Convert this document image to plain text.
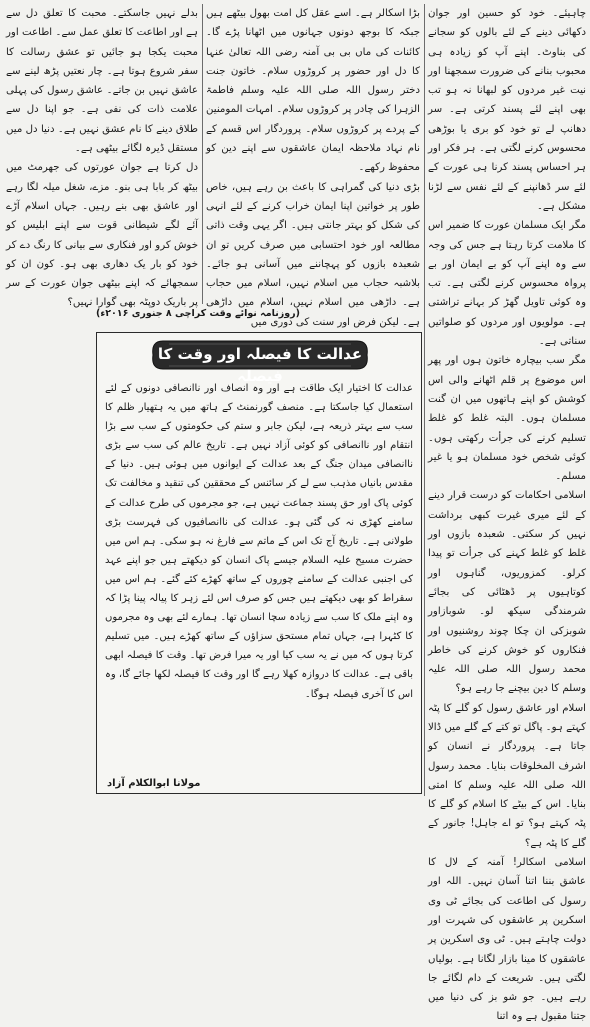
چاہیئے۔ خود کو حسین اور جوان دکھائی دینے کے لئے بالوں کو سجانے کی بناوٹ۔ اپنے آپ کو زیادہ ہی محبوب بنانے کی ضرورت سمجھنا اور نیت غیر مردوں کو لبھانا نہ ہو تب بھی اپنے لئے پسند کرتی ہے۔ سر دھانپ لے تو خود کو بری یا بوڑھی محسوس کرنے لگتی ہے۔ ہر فکر اور ہر احساس پسند کرنا ہی عورت کے لئے سر ڈھانپنے کے لئے نفس سے لڑنا مشکل ہے۔

مگر ایک مسلمان عورت کا ضمیر اس کا ملامت کرتا رہتا ہے جس کی وجہ سے وہ اپنے آپ کو بے ایمان اور بے پرواہ محسوس کرنے لگتی ہے۔ تب وہ کوئی تاویل گھڑ کر بہانے تراشتی ہے۔ مولویوں اور مردوں کو صلواتیں سناتی ہے۔

مگر سب بیچارہ خاتون ہوں اور پھر اس موضوع پر قلم اٹھانے والی اس کوشش کو اپنے ہاتھوں میں ان گنت مسلمان ہوں۔ البتہ غلط کو غلط تسلیم کرنے کی جرأت رکھتی ہوں۔ کوئی شخص خود مسلمان ہو یا غیر مسلم۔

اسلامی احکامات کو درست قرار دینے کے لئے میری غیرت کبھی برداشت نہیں کر سکتی۔ شعبدہ بازوں اور غلط کو غلط کہنے کی جرأت تو پیدا کرلو۔ کمزوریوں، گناہوں اور کوتاہیوں پر ڈھٹائی کی بجائے شرمندگی سیکھ لو۔ شوبازاور شوبزکی ان چکا چوند روشنیوں اور فنکاروں کو خوش کرنے کی خاطر محمد رسول اللہ صلی اللہ علیہ وسلم کا دین بیچنے جا رہے ہو؟

اسلام اور عاشق رسول کو گلے کا پٹہ کہتے ہو۔ پاگل تو کتے کے گلے میں ڈالا جاتا ہے۔ پروردگار نے انسان کو اشرف المخلوقات بنایا۔ محمد رسول اللہ صلی اللہ علیہ وسلم کا امتی بنایا۔ اس کے بیٹے کا اسلام کو گلے کا پٹہ کہتے ہو؟ تو اے جاہل! جانور کے گلے کا پٹہ ہے؟

اسلامی اسکالر! آمنہ کے لال کا عاشق بننا اتنا آسان نہیں۔ اللہ اور رسول کی اطاعت کی بجائے ٹی وی اسکرین پر عاشقوں کی شہرت اور دولت چاہتے ہیں۔ ٹی وی اسکرین پر عاشقوں کا مینا بازار لگانا ہے۔ بولیاں لگتی ہیں۔ شریعت کے دام لگائے جا رہے ہیں۔ جو شو بز کی دنیا میں جتنا مقبول ہے وہ اتنا

بڑا اسکالر ہے۔ اسے عقل کل امت بھول بیٹھے ہیں جبکہ کا بوجھ دونوں جہانوں میں اٹھانا پڑے گا۔ کائنات کی ماں بی بی آمنہ رضی اللہ تعالیٰ عنہا کا دل اور حضور پر کروڑوں سلام۔ خاتون جنت دختر رسول اللہ صلی اللہ علیہ وسلم فاطمۃ الزہرا کی چادر پر کروڑوں سلام۔ امہات المومنین کے پردے پر کروڑوں سلام۔ پروردگار اس قسم کے نام نہاد ملاحظہ ایمان عاشقوں سے اپنے دین کو محفوظ رکھے۔

بڑی دنیا کی گمراہی کا باعث بن رہے ہیں، خاص طور پر خواتین اپنا ایمان خراب کرنے کے لئے انہی کی شکل کو بہتر جانتی ہیں۔ اگر یہی وقت ذاتی مطالعہ اور خود احتسابی میں صرف کریں تو ان شعبدہ بازوں کو پہچاننے میں آسانی ہو جائے۔ بلاشبہ حجاب میں اسلام نہیں، اسلام میں حجاب ہے۔ داڑھی میں اسلام نہیں، اسلام میں داڑھی ہے۔ لیکن فرض اور سنت کی دوری میں

بدلے نہیں جاسکتے۔ محبت کا تعلق دل سے ہے اور اطاعت کا تعلق عمل سے۔ اطاعت اور محبت یکجا ہو جائیں تو عشق رسالت کا سفر شروع ہوتا ہے۔ چار نعتیں پڑھ لینے سے عاشق نہیں بن جاتے۔ عاشق رسول کی پہلی علامت ذات کی نفی ہے۔ جو اپنا دل سے طلاق دینے کا نام عشق نہیں ہے۔ دنیا دل میں مستقل ڈیرہ لگائے بیٹھی ہے۔

دل کرتا ہے جوان عورتوں کی جھرمٹ میں بیٹھ کر بابا ہی بنو۔ مزے، شغل میلہ لگا رہے اور عاشق بھی بنے رہیں۔ جہاں اسلام آڑے آئے لگے شیطانی قوت سے اپنے ابلیس کو خوش کرو اور فنکاری سے بیانی کا رنگ دے کر خود کو بار یک دھاری بھی ہو۔ کون ان کو سمجھائے کہ اپنے بیٹھی جوان عورت کے سر پر باریک دوپٹہ بھی گوارا نہیں؟

(روزنامہ نوائے وقت کراچی ۸ جنوری ۲۰۱۶ء)
عدالت کا فیصلہ اور وقت کا فیصلہ
عدالت کا اختیار ایک طاقت ہے اور وہ انصاف اور ناانصافی دونوں کے لئے استعمال کیا جاسکتا ہے۔ منصف گورنمنٹ کے ہاتھ میں یہ ہتھیار ظلم کا سب سے بہتر ذریعہ ہے، لیکن جابر و ستم کی حکومتوں کے سب سے بڑا انتقام اور ناانصافی کو کوئی آزاد نہیں ہے۔ تاریخ عالم کی سب سے بڑی ناانصافی میدان جنگ کے بعد عدالت کے ایوانوں میں ہوئی ہیں۔ دنیا کے مقدس بانیاں مذہب سے لے کر سائنس کے محققین کی تنقید و مخالفت تک کوئی پاک اور حق پسند جماعت نہیں ہے، جو مجرموں کی طرح عدالت کے سامنے کھڑی نہ کی گئی ہو۔ عدالت کی ناانصافیوں کی فہرست بڑی طولانی ہے۔ تاریخ آج تک اس کے ماتم سے فارغ نہ ہو سکی۔ ہم اس میں حضرت مسیح علیہ السلام جیسے پاک انسان کو دیکھتے ہیں جو اپنے عہد کی اجنبی عدالت کے سامنے چوروں کے ساتھ کھڑے کئے گئے۔ ہم اس میں سقراط کو بھی دیکھتے ہیں جس کو صرف اس لئے زہر کا پیالہ پینا پڑا کہ وہ اپنے ملک کا سب سے زیادہ سچا انسان تھا۔ ہمارے لئے بھی وہ مجرموں کا کٹہرا ہے، جہاں تمام مستحق سزاؤں کے ساتھ کھڑے ہیں۔ میں تسلیم کرتا ہوں کہ میں نے یہ سب کیا اور یہ میرا فرض تھا۔ وقت کا فیصلہ ابھی باقی ہے۔ عدالت کا دروازہ کھلا رہے گا اور وقت کا فیصلہ لکھا جائے گا، وہ اس کا آخری فیصلہ ہوگا۔
مولانا ابوالکلام آزاد
